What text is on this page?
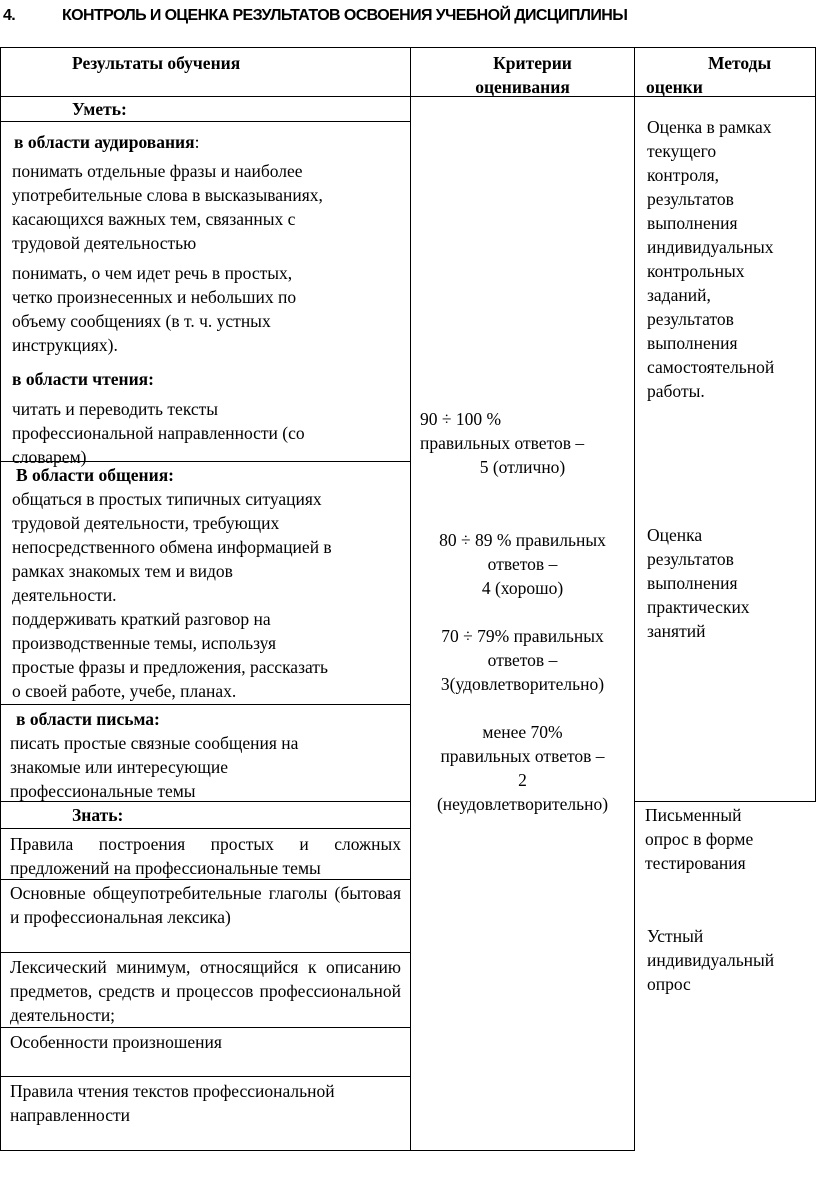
4.	КОНТРОЛЬ И ОЦЕНКА РЕЗУЛЬТАТОВ ОСВОЕНИЯ УЧЕБНОЙ ДИСЦИПЛИНЫ
Результаты обучения	Критерии
оценивания
Методы
оценки
Уметь:

в области аудирования:

понимать отдельные фразы и наиболее
употребительные слова в высказываниях,
касающихся важных тем, связанных с
трудовой деятельностью
понимать, о чем идет речь в простых,
четко произнесенных и небольших по
объему сообщениях (в т. ч. устных
инструкциях).

в области чтения:

читать и переводить тексты
профессиональной направленности (со
словарем)

В области общения:

общаться в простых типичных ситуациях
трудовой деятельности, требующих
непосредственного обмена информацией в
рамках знакомых тем и видов
деятельности.
поддерживать краткий разговор на
производственные темы, используя
простые фразы и предложения, рассказать
о своей работе, учебе, планах.

в области письма:

писать простые связные сообщения на
знакомые или интересующие
профессиональные темы
Знать:
Правила построения простых и сложных предложений на профессиональные темы
Основные общеупотребительные глаголы (бытовая и профессиональная лексика)
Лексический минимум, относящийся к описанию предметов, средств и процессов профессиональной деятельности;
Особенности произношения
Правила чтения текстов профессиональной направленности
90 ÷ 100 %
правильных ответов –
5 (отлично)
80 ÷ 89 % правильных
ответов –
4 (хорошо)
70 ÷ 79% правильных
ответов –
3(удовлетворительно)
менее 70%
правильных ответов –
2
(неудовлетворительно)
Оценка в рамках
текущего
контроля,
результатов
выполнения
индивидуальных
контрольных
заданий,
результатов
выполнения
самостоятельной
работы.
Оценка
результатов
выполнения
практических
занятий
Письменный
опрос в форме
тестирования
Устный
индивидуальный
опрос
